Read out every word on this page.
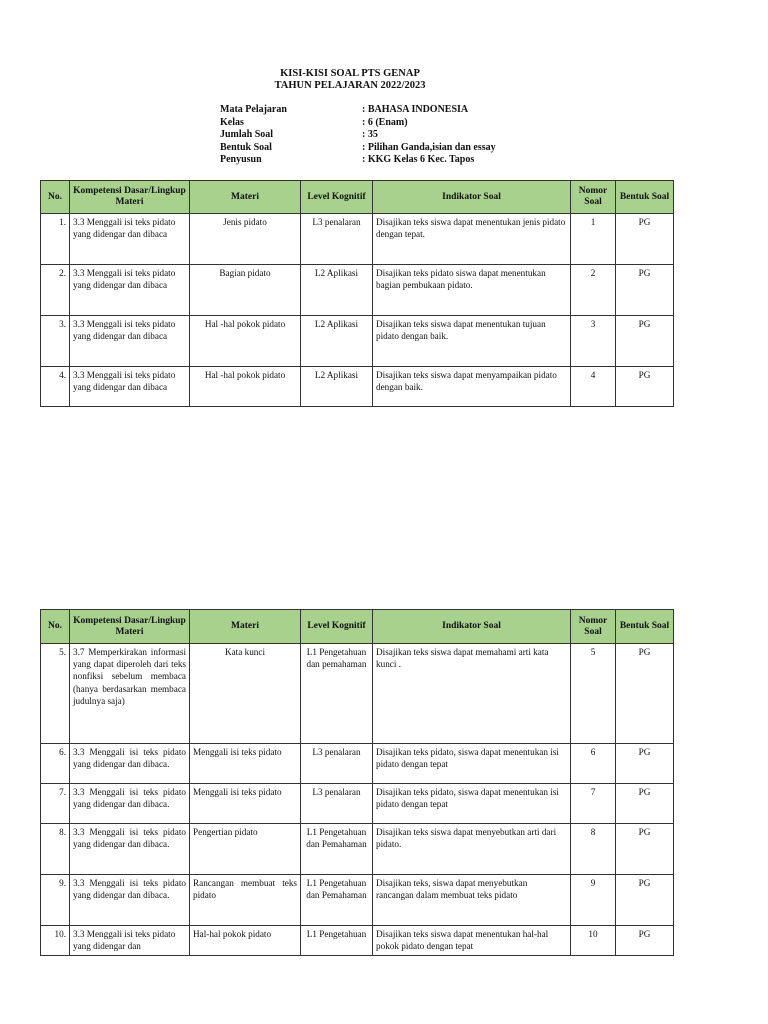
KISI-KISI SOAL PTS GENAP
TAHUN PELAJARAN 2022/2023
Mata Pelajaran	: BAHASA INDONESIA
Kelas	: 6 (Enam)
Jumlah Soal	: 35
Bentuk Soal	: Pilihan Ganda,isian dan essay
Penyusun	: KKG Kelas 6 Kec. Tapos
No.	Kompetensi Dasar/Lingkup Materi	Materi	Level Kognitif	Indikator Soal	Nomor Soal	Bentuk Soal
1.	3.3 Menggali isi teks pidato yang didengar dan dibaca	Jenis pidato	L3 penalaran	Disajikan teks siswa dapat menentukan jenis pidato dengan tepat.	1	PG
2.	3.3 Menggali isi teks pidato yang didengar dan dibaca	Bagian pidato	L2 Aplikasi	Disajikan teks pidato siswa dapat menentukan bagian pembukaan pidato.	2	PG
3.	3.3 Menggali isi teks pidato yang didengar dan dibaca	Hal -hal pokok pidato	L2 Aplikasi	Disajikan teks siswa dapat menentukan tujuan pidato dengan baik.	3	PG
4.	3.3 Menggali isi teks pidato yang didengar dan dibaca	Hal -hal pokok pidato	L2 Aplikasi	Disajikan teks siswa dapat menyampaikan pidato dengan baik.	4	PG
No.	Kompetensi Dasar/Lingkup Materi	Materi	Level Kognitif	Indikator Soal	Nomor Soal	Bentuk Soal
5.	3.7 Memperkirakan informasi yang dapat diperoleh dari teks nonfiksi sebelum membaca (hanya berdasarkan membaca judulnya saja)	Kata kunci	L1 Pengetahuan dan pemahaman	Disajikan teks siswa dapat memahami arti kata kunci .	5	PG
6.	3.3 Menggali isi teks pidato yang didengar dan dibaca.	Menggali isi teks pidato	L3 penalaran	Disajikan teks pidato, siswa dapat menentukan isi pidato dengan tepat	6	PG
7.	3.3 Menggali isi teks pidato yang didengar dan dibaca.	Menggali isi teks pidato	L3 penalaran	Disajikan teks pidato, siswa dapat menentukan isi pidato dengan tepat	7	PG
8.	3.3 Menggali isi teks pidato yang didengar dan dibaca.	Pengertian pidato	L1 Pengetahuan dan Pemahaman	Disajikan teks siswa dapat menyebutkan arti dari pidato.	8	PG
9.	3.3 Menggali isi teks pidato yang didengar dan dibaca.	Rancangan membuat teks pidato	L1 Pengetahuan dan Pemahaman	Disajikan teks, siswa dapat menyebutkan rancangan dalam membuat teks pidato	9	PG
10.	3.3 Menggali isi teks pidato yang didengar dan	Hal-hal pokok pidato	L1 Pengetahuan	Disajikan teks siswa dapat menentukan hal-hal pokok pidato dengan tepat	10	PG
